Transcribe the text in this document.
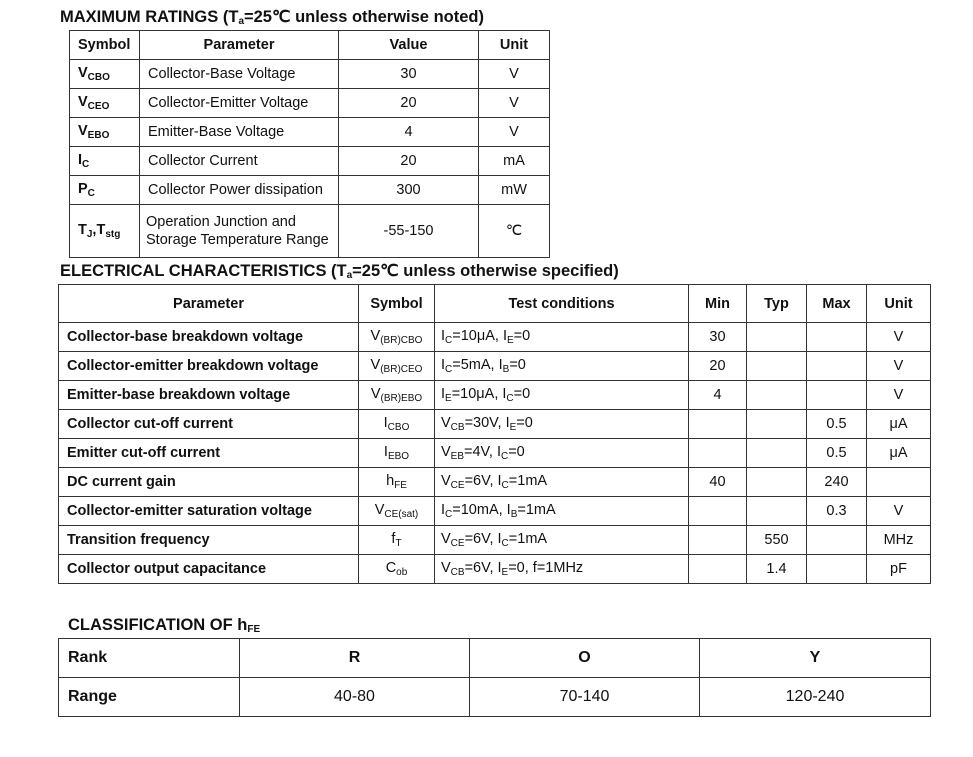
MAXIMUM RATINGS ($T_a=25℃$ unless otherwise noted)
Symbol	Parameter	Value	Unit
$V_{CBO}$	Collector-Base Voltage	30	V
$V_{CEO}$	Collector-Emitter Voltage	20	V
$V_{EBO}$	Emitter-Base Voltage	4	V
$I_C$	Collector Current	20	mA
$P_C$	Collector Power dissipation	300	mW
$T_J,T_{stg}$	Operation Junction and
Storage Temperature Range	-55-150	℃
ELECTRICAL CHARACTERISTICS ($T_a=25℃$ unless otherwise specified)
Parameter	Symbol	Test conditions	Min	Typ	Max	Unit
Collector-base breakdown voltage	$V_{(BR)CBO}$	$I_C=10\mu A$, $I_E=0$	30			V
Collector-emitter breakdown voltage	$V_{(BR)CEO}$	$I_C=5mA$, $I_B=0$	20			V
Emitter-base breakdown voltage	$V_{(BR)EBO}$	$I_E=10\mu A$, $I_C=0$	4			V
Collector cut-off current	$I_{CBO}$	$V_{CB}=30V$, $I_E=0$			0.5	μA
Emitter cut-off current	$I_{EBO}$	$V_{EB}=4V$, $I_C=0$			0.5	μA
DC current gain	$h_{FE}$	$V_{CE}=6V$, $I_C=1mA$	40		240	
Collector-emitter saturation voltage	$V_{CE(sat)}$	$I_C=10mA$, $I_B=1mA$			0.3	V
Transition frequency	$f_T$	$V_{CE}=6V$, $I_C=1mA$		550		MHz
Collector output capacitance	$C_{ob}$	$V_{CB}=6V$, $I_E=0$, f=1MHz		1.4		pF
CLASSIFICATION OF $h_{FE}$
Rank	R	O	Y
Range	40-80	70-140	120-240
